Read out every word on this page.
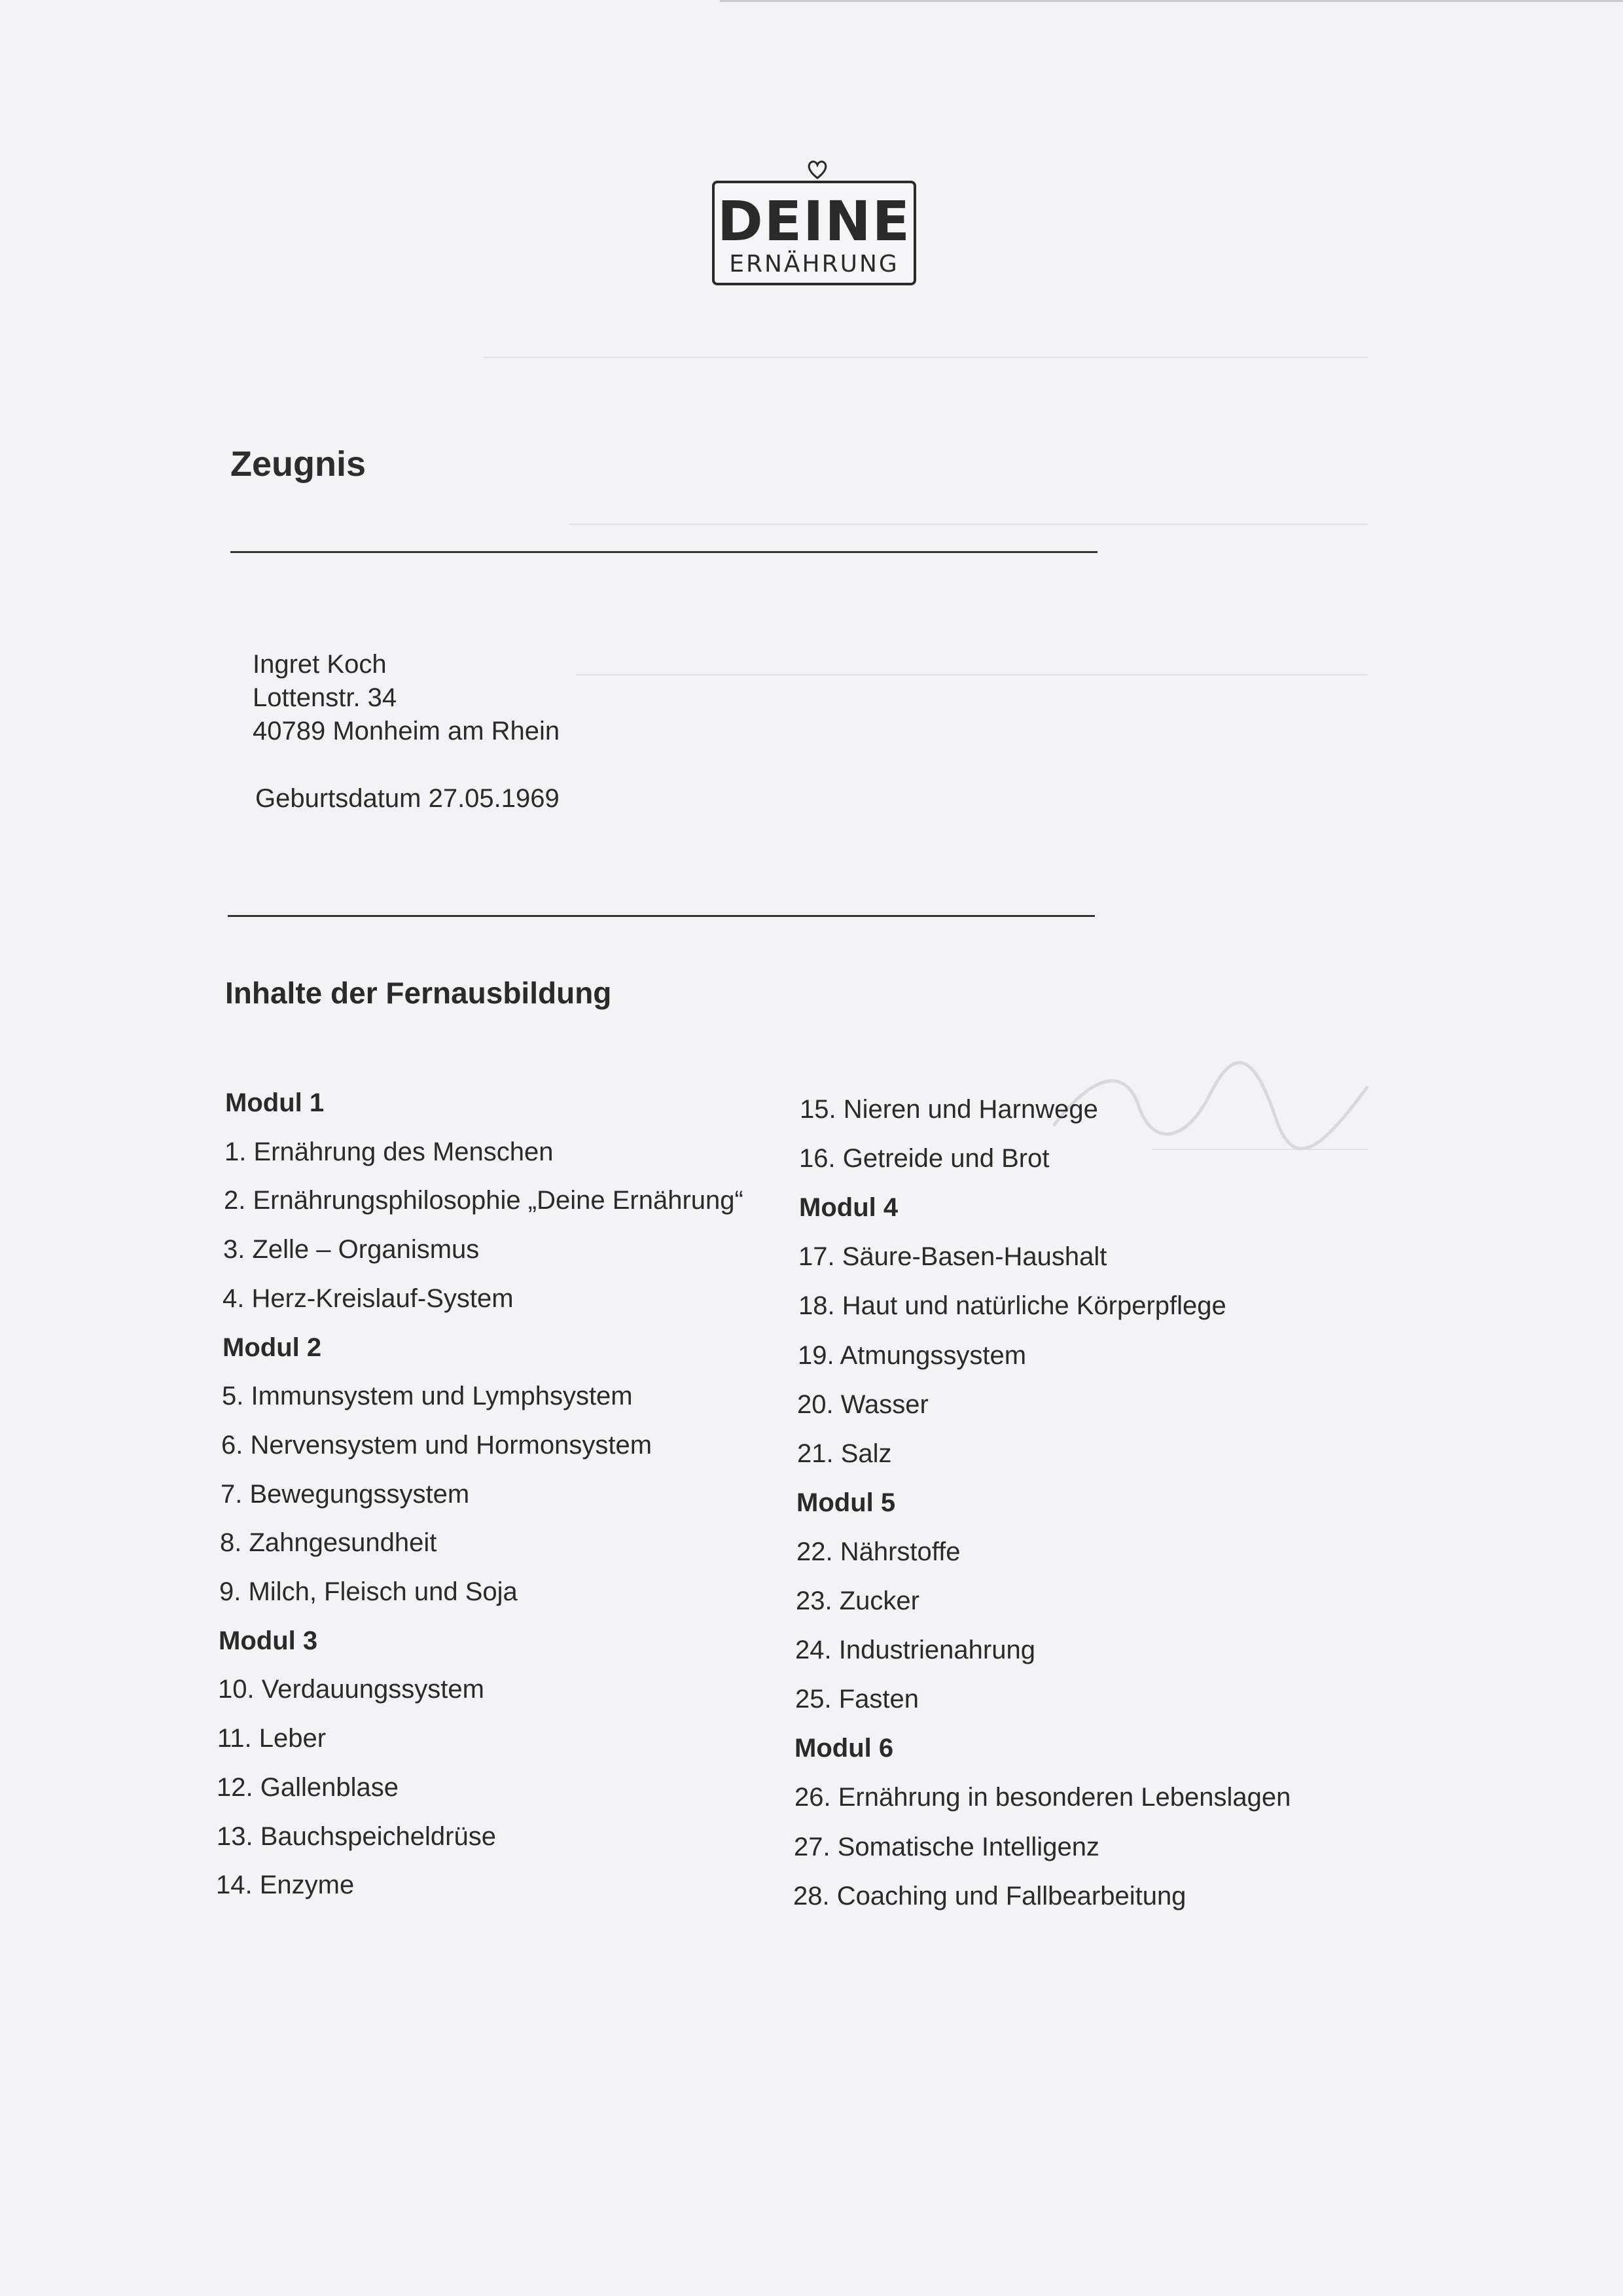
DEINE
ERNÄHRUNG
Zeugnis
Ingret Koch
Lottenstr. 34
40789 Monheim am Rhein
Geburtsdatum 27.05.1969
Inhalte der Fernausbildung
Modul 1
1. Ernährung des Menschen
2. Ernährungsphilosophie „Deine Ernährung“
3. Zelle – Organismus
4. Herz-Kreislauf-System
Modul 2
5. Immunsystem und Lymphsystem
6. Nervensystem und Hormonsystem
7. Bewegungssystem
8. Zahngesundheit
9. Milch, Fleisch und Soja
Modul 3
10. Verdauungssystem
11. Leber
12. Gallenblase
13. Bauchspeicheldrüse
14. Enzyme
15. Nieren und Harnwege
16. Getreide und Brot
Modul 4
17. Säure-Basen-Haushalt
18. Haut und natürliche Körperpflege
19. Atmungssystem
20. Wasser
21. Salz
Modul 5
22. Nährstoffe
23. Zucker
24. Industrienahrung
25. Fasten
Modul 6
26. Ernährung in besonderen Lebenslagen
27. Somatische Intelligenz
28. Coaching und Fallbearbeitung
